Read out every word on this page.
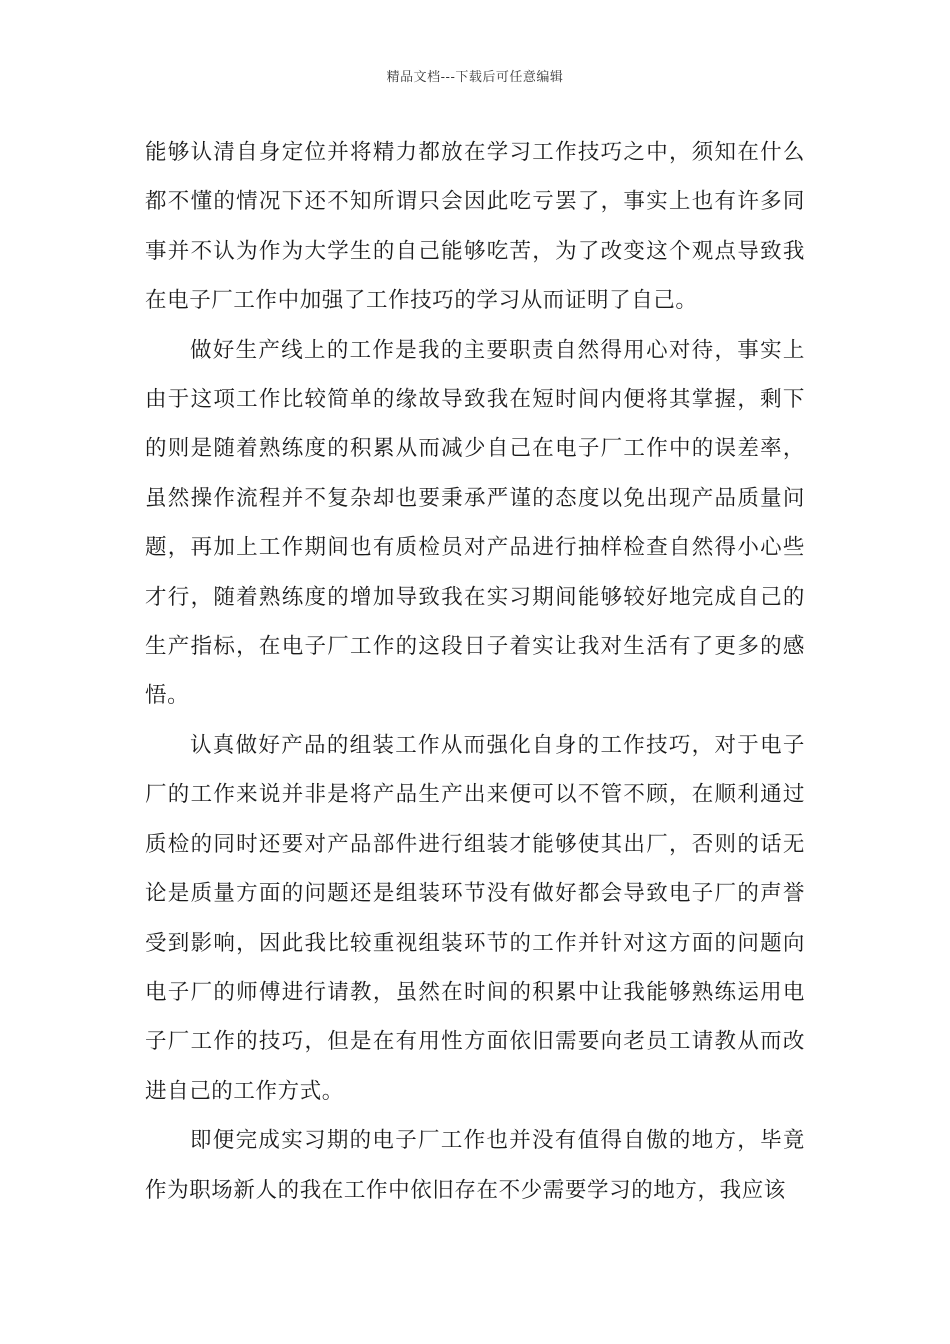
精品文档---下载后可任意编辑

能够认清自身定位并将精力都放在学习工作技巧之中，须知在什么都不懂的情况下还不知所谓只会因此吃亏罢了，事实上也有许多同事并不认为作为大学生的自己能够吃苦，为了改变这个观点导致我在电子厂工作中加强了工作技巧的学习从而证明了自己。

做好生产线上的工作是我的主要职责自然得用心对待，事实上由于这项工作比较简单的缘故导致我在短时间内便将其掌握，剩下的则是随着熟练度的积累从而减少自己在电子厂工作中的误差率，虽然操作流程并不复杂却也要秉承严谨的态度以免出现产品质量问题，再加上工作期间也有质检员对产品进行抽样检查自然得小心些才行，随着熟练度的增加导致我在实习期间能够较好地完成自己的生产指标，在电子厂工作的这段日子着实让我对生活有了更多的感悟。

认真做好产品的组装工作从而强化自身的工作技巧，对于电子厂的工作来说并非是将产品生产出来便可以不管不顾，在顺利通过质检的同时还要对产品部件进行组装才能够使其出厂，否则的话无论是质量方面的问题还是组装环节没有做好都会导致电子厂的声誉受到影响，因此我比较重视组装环节的工作并针对这方面的问题向电子厂的师傅进行请教，虽然在时间的积累中让我能够熟练运用电子厂工作的技巧，但是在有用性方面依旧需要向老员工请教从而改进自己的工作方式。

即便完成实习期的电子厂工作也并没有值得自傲的地方，毕竟作为职场新人的我在工作中依旧存在不少需要学习的地方，我应该
